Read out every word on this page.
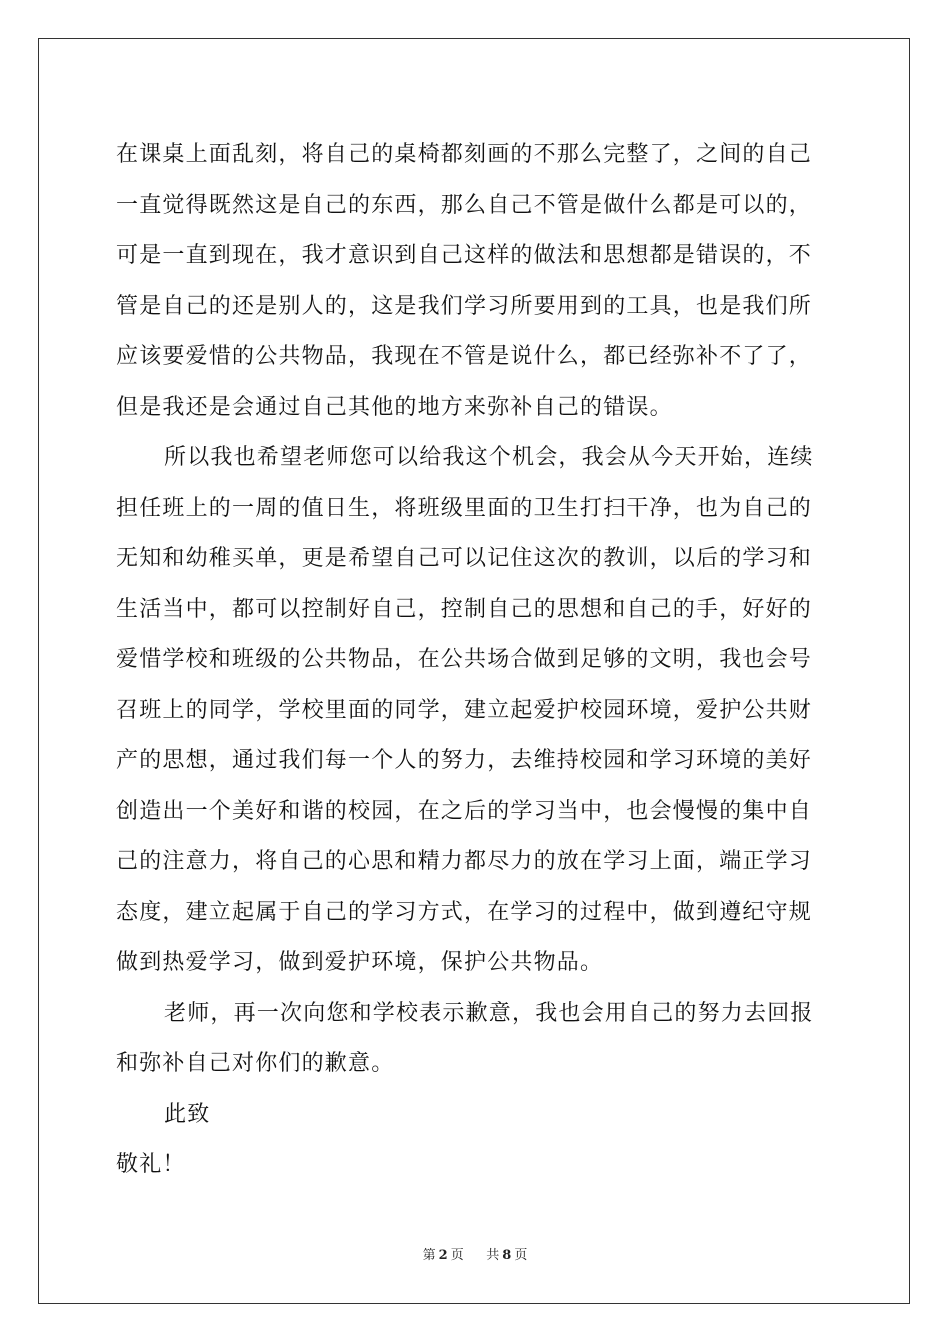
在课桌上面乱刻，将自己的桌椅都刻画的不那么完整了，之间的自己

一直觉得既然这是自己的东西，那么自己不管是做什么都是可以的，

可是一直到现在，我才意识到自己这样的做法和思想都是错误的，不

管是自己的还是别人的，这是我们学习所要用到的工具，也是我们所

应该要爱惜的公共物品，我现在不管是说什么，都已经弥补不了了，

但是我还是会通过自己其他的地方来弥补自己的错误。

所以我也希望老师您可以给我这个机会，我会从今天开始，连续

担任班上的一周的值日生，将班级里面的卫生打扫干净，也为自己的

无知和幼稚买单，更是希望自己可以记住这次的教训，以后的学习和

生活当中，都可以控制好自己，控制自己的思想和自己的手，好好的

爱惜学校和班级的公共物品，在公共场合做到足够的文明，我也会号

召班上的同学，学校里面的同学，建立起爱护校园环境，爱护公共财

产的思想，通过我们每一个人的努力，去维持校园和学习环境的美好

创造出一个美好和谐的校园，在之后的学习当中，也会慢慢的集中自

己的注意力，将自己的心思和精力都尽力的放在学习上面，端正学习

态度，建立起属于自己的学习方式，在学习的过程中，做到遵纪守规

做到热爱学习，做到爱护环境，保护公共物品。

老师，再一次向您和学校表示歉意，我也会用自己的努力去回报

和弥补自己对你们的歉意。

此致

敬礼！

第 2 页 共 8 页
